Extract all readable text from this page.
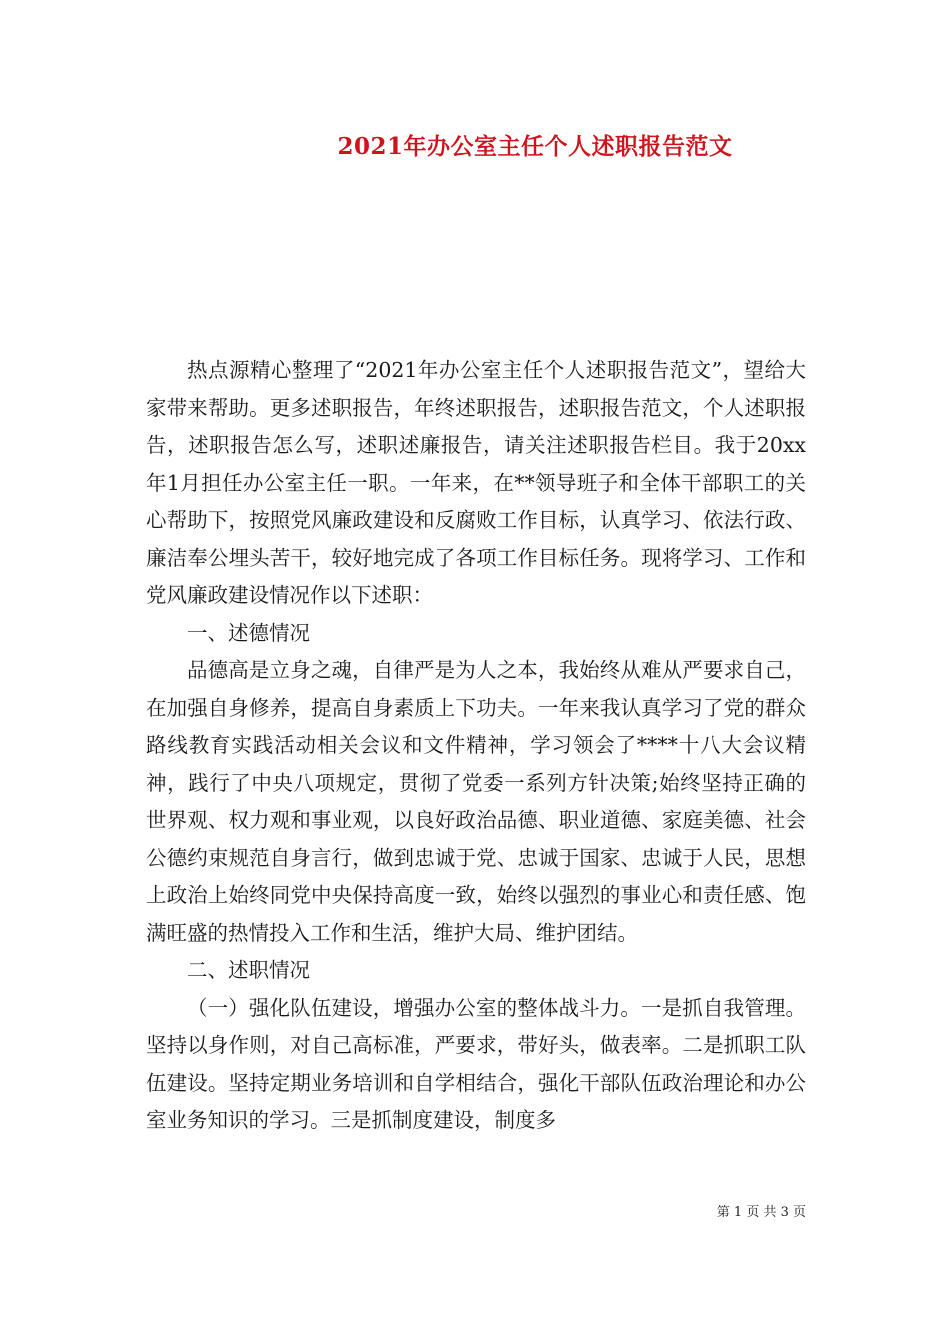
2021年办公室主任个人述职报告范文

热点源精心整理了“2021年办公室主任个人述职报告范文”，望给大家带来帮助。更多述职报告，年终述职报告，述职报告范文，个人述职报告，述职报告怎么写，述职述廉报告，请关注述职报告栏目。我于20xx年1月担任办公室主任一职。一年来，在**领导班子和全体干部职工的关心帮助下，按照党风廉政建设和反腐败工作目标，认真学习、依法行政、廉洁奉公埋头苦干，较好地完成了各项工作目标任务。现将学习、工作和党风廉政建设情况作以下述职：

一、述德情况

品德高是立身之魂，自律严是为人之本，我始终从难从严要求自己，在加强自身修养，提高自身素质上下功夫。一年来我认真学习了党的群众路线教育实践活动相关会议和文件精神，学习领会了****十八大会议精神，践行了中央八项规定，贯彻了党委一系列方针决策;始终坚持正确的世界观、权力观和事业观，以良好政治品德、职业道德、家庭美德、社会公德约束规范自身言行，做到忠诚于党、忠诚于国家、忠诚于人民，思想上政治上始终同党中央保持高度一致，始终以强烈的事业心和责任感、饱满旺盛的热情投入工作和生活，维护大局、维护团结。

二、述职情况

（一）强化队伍建设，增强办公室的整体战斗力。一是抓自我管理。坚持以身作则，对自己高标准，严要求，带好头，做表率。二是抓职工队伍建设。坚持定期业务培训和自学相结合，强化干部队伍政治理论和办公室业务知识的学习。三是抓制度建设，制度多

第 1 页 共 3 页
